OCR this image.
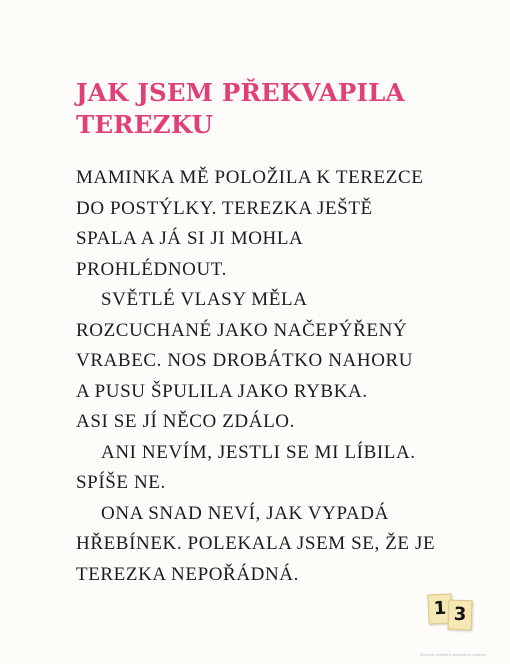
JAK JSEM PŘEKVAPILA
TEREZKU
MAMINKA MĚ POLOŽILA K TEREZCE
DO POSTÝLKY. TEREZKA JEŠTĚ
SPALA A JÁ SI JI MOHLA
PROHLÉDNOUT.
SVĚTLÉ VLASY MĚLA
ROZCUCHANÉ JAKO NAČEPÝŘENÝ
VRABEC. NOS DROBÁTKO NAHORU
A PUSU ŠPULILA JAKO RYBKA.
ASI SE JÍ NĚCO ZDÁLO.
ANI NEVÍM, JESTLI SE MI LÍBILA.
SPÍŠE NE.
ONA SNAD NEVÍ, JAK VYPADÁ
HŘEBÍNEK. POLEKALA JSEM SE, ŽE JE
TEREZKA NEPOŘÁDNÁ.
1 3
Materiál chráněný autorským právem
